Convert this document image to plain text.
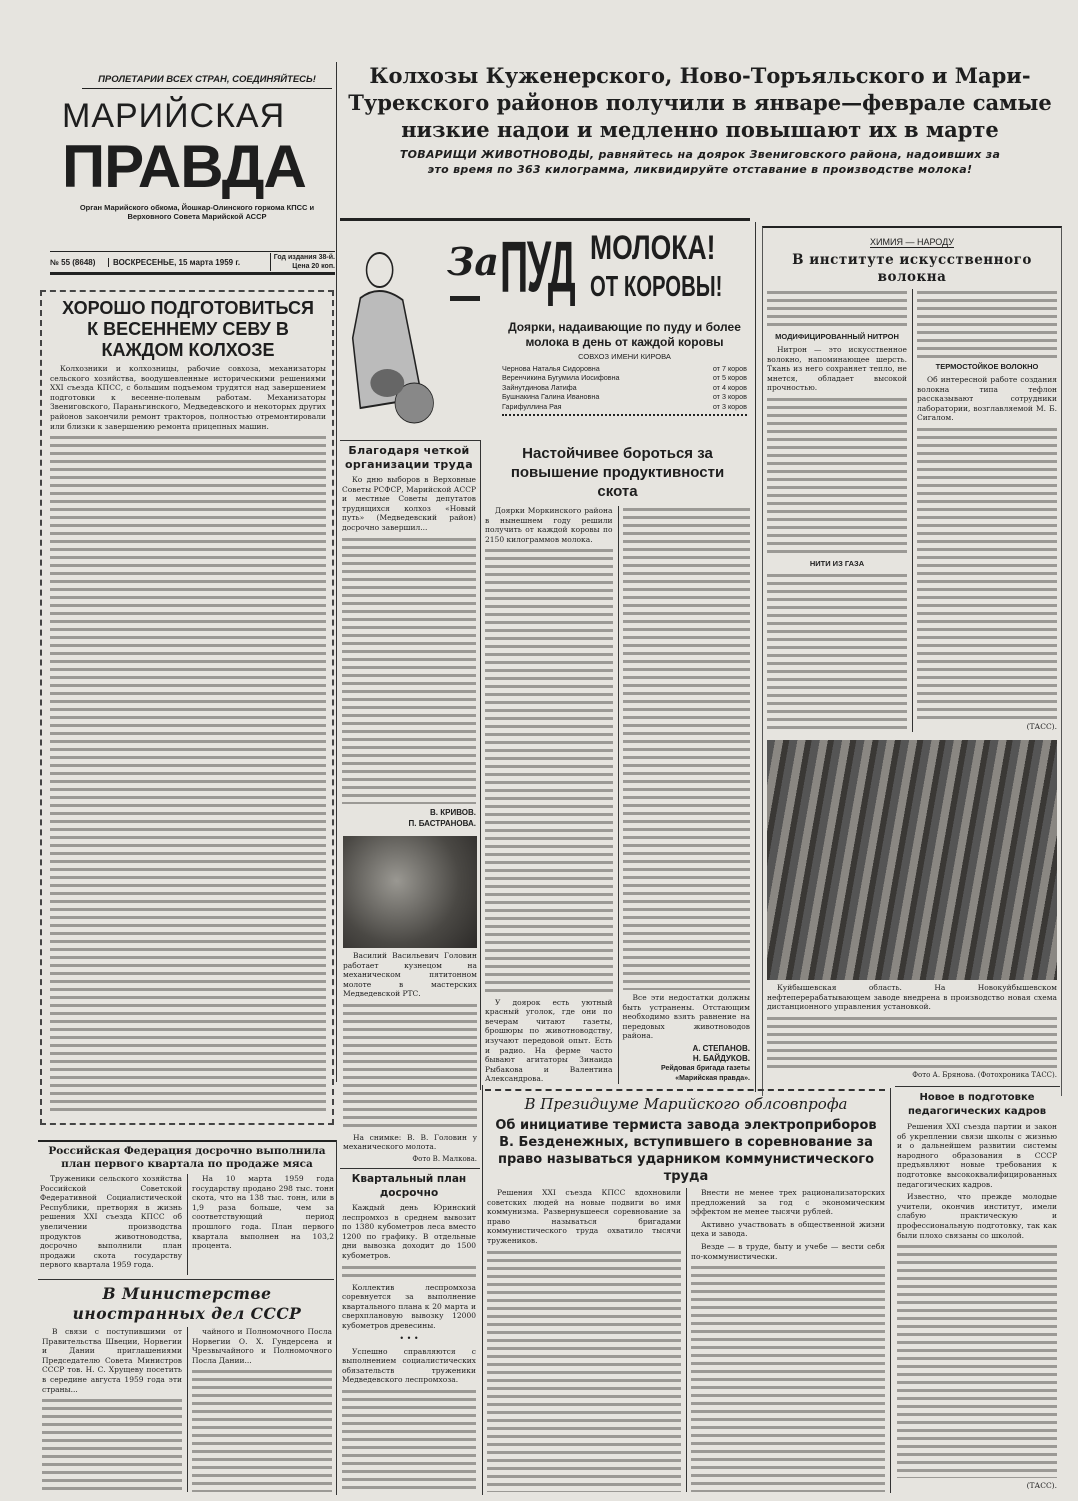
ПРОЛЕТАРИИ ВСЕХ СТРАН, СОЕДИНЯЙТЕСЬ!
МАРИЙСКАЯ
ПРАВДА
Орган Марийского обкома, Йошкар-Олинского горкома КПСС и Верховного Совета Марийской АССР
№ 55 (8648)	ВОСКРЕСЕНЬЕ, 15 марта 1959 г.	Год издания 38-й.
Цена 20 коп.
Колхозы Куженерского, Ново-Торъяльского и Мари-Турекского районов получили в январе—феврале самые низкие надои и медленно повышают их в марте
ТОВАРИЩИ ЖИВОТНОВОДЫ, равняйтесь на доярок Звениговского района, надоивших за это время по 363 килограмма, ликвидируйте отставание в производстве молока!
За ПУД МОЛОКА!
ОТ КОРОВЫ!
Доярки, надаивающие по пуду и более молока в день от каждой коровы
СОВХОЗ ИМЕНИ КИРОВА
Чернова Наталья Сидоровна	от 7 коров
Веренчикина Бугумила Иосифовна	от 5 коров
Зайнутдинова Латифа	от 4 коров
Бушнакина Галина Ивановна	от 3 коров
Гарифуллина Рая	от 3 коров
ХОРОШО ПОДГОТОВИТЬСЯ К ВЕСЕННЕМУ СЕВУ В КАЖДОМ КОЛХОЗЕ
Колхозники и колхозницы, рабочие совхоза, механизаторы сельского хозяйства, воодушевленные историческими решениями XXI съезда КПСС, с большим подъемом трудятся над завершением подготовки к весенне-полевым работам. Механизаторы Звениговского, Параньгинского, Медведевского и некоторых других районов закончили ремонт тракторов, полностью отремонтировали или близки к завершению ремонта прицепных машин.
Благодаря четкой организации труда
Ко дню выборов в Верховные Советы РСФСР, Марийской АССР и местные Советы депутатов трудящихся колхоз «Новый путь» (Медведевский район) досрочно завершил...
В. КРИВОВ.
П. БАСТРАНОВА.
Василий Васильевич Головин работает кузнецом на механическом пятитонном молоте в мастерских Медведевской РТС.
На снимке: В. В. Головин у механического молота.
Фото В. Малкова.
Настойчивее бороться за повышение продуктивности скота
Доярки Моркинского района в нынешнем году решили получить от каждой коровы по 2150 килограммов молока.
У доярок есть уютный красный уголок, где они по вечерам читают газеты, брошюры по животноводству, изучают передовой опыт. Есть и радио. На ферме часто бывают агитаторы Зинаида Рыбакова и Валентина Александрова.
Все эти недостатки должны быть устранены. Отстающим необходимо взять равнение на передовых животноводов района.
А. СТЕПАНОВ.
Н. БАЙДУКОВ.
Рейдовая бригада газеты «Марийская правда».
ХИМИЯ — НАРОДУ
В институте искусственного волокна
МОДИФИЦИРОВАННЫЙ НИТРОН
Нитрон — это искусственное волокно, напоминающее шерсть. Ткань из него сохраняет тепло, не мнется, обладает высокой прочностью.
НИТИ ИЗ ГАЗА
ТЕРМОСТОЙКОЕ ВОЛОКНО
Об интересной работе создания волокна типа тефлон рассказывают сотрудники лаборатории, возглавляемой М. Б. Сигалом.
(ТАСС).
Куйбышевская область. На Новокуйбышевском нефтеперерабатывающем заводе внедрена в производство новая схема дистанционного управления установкой.
Фото А. Брянова. (Фотохроника ТАСС).
Российская Федерация досрочно выполнила план первого квартала по продаже мяса
Труженики сельского хозяйства Российской Советской Федеративной Социалистической Республики, претворяя в жизнь решения XXI съезда КПСС об увеличении производства продуктов животноводства, досрочно выполнили план продажи скота государству первого квартала 1959 года.
На 10 марта 1959 года государству продано 298 тыс. тонн скота, что на 138 тыс. тонн, или в 1,9 раза больше, чем за соответствующий период прошлого года. План первого квартала выполнен на 103,2 процента.
В Министерстве иностранных дел СССР
В связи с поступившими от Правительства Швеции, Норвегии и Дании приглашениями Председателю Совета Министров СССР тов. Н. С. Хрущеву посетить в середине августа 1959 года эти страны...
чайного и Полномочного Посла Норвегии О. Х. Гундерсена и Чрезвычайного и Полномочного Посла Дании...
Квартальный план досрочно
Каждый день Юринский леспромхоз в среднем вывозит по 1380 кубометров леса вместо 1200 по графику. В отдельные дни вывозка доходит до 1500 кубометров.
Коллектив леспромхоза соревнуется за выполнение квартального плана к 20 марта и сверхплановую вывозку 12000 кубометров древесины.
• • •
Успешно справляются с выполнением социалистических обязательств труженики Медведевского леспромхоза.
В Президиуме Марийского облсовпрофа
Об инициативе термиста завода электроприборов В. Безденежных, вступившего в соревнование за право называться ударником коммунистического труда
Решения XXI съезда КПСС вдохновили советских людей на новые подвиги во имя коммунизма. Развернувшееся соревнование за право называться бригадами коммунистического труда охватило тысячи тружеников.
Внести не менее трех рационализаторских предложений за год с экономическим эффектом не менее тысячи рублей.
Активно участвовать в общественной жизни цеха и завода.
Везде — в труде, быту и учебе — вести себя по-коммунистически.
Новое в подготовке педагогических кадров
Решения XXI съезда партии и закон об укреплении связи школы с жизнью и о дальнейшем развитии системы народного образования в СССР предъявляют новые требования к подготовке высококвалифицированных педагогических кадров.
Известно, что прежде молодые учители, окончив институт, имели слабую практическую и профессиональную подготовку, так как были плохо связаны со школой.
(ТАСС).
